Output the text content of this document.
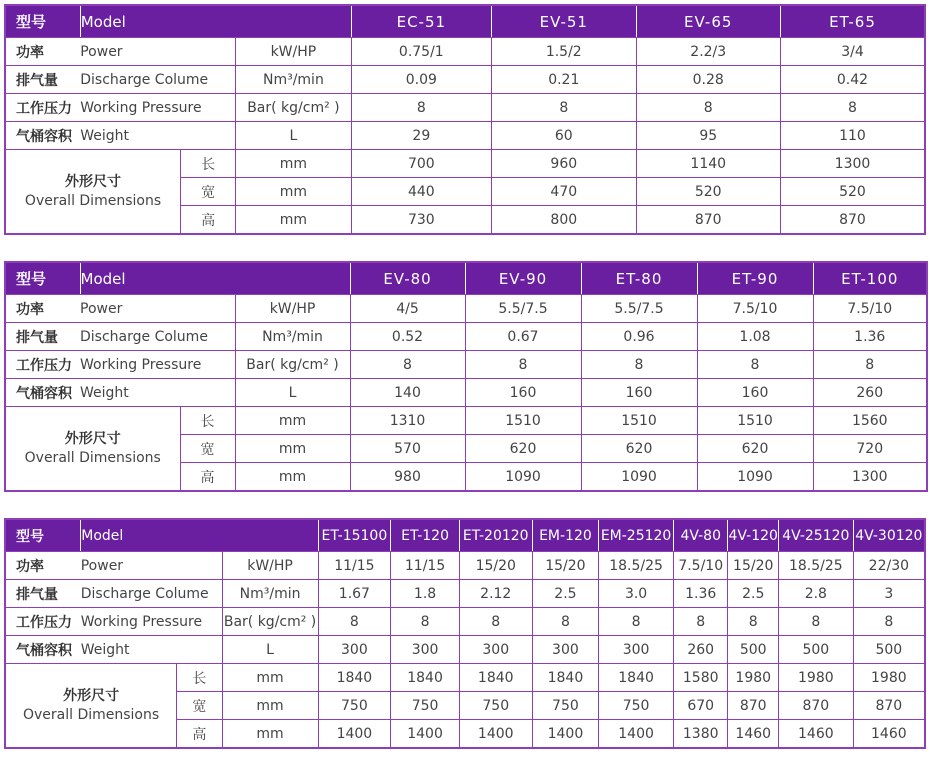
型号	Model			EC-51	EV-51	EV-65	ET-65
功率	Power		kW/HP	0.75/1	1.5/2	2.2/3	3/4
排气量	Discharge Colume		Nm³/min	0.09	0.21	0.28	0.42
工作压力	Working Pressure		Bar( kg/cm² )	8	8	8	8
气桶容积	Weight		L	29	60	95	110

外形尺寸
Overall Dimensions		长	mm	700	960	1140	1300
		宽	mm	440	470	520	520
		高	mm	730	800	870	870
型号	Model			EV-80	EV-90	ET-80	ET-90	ET-100
功率	Power		kW/HP	4/5	5.5/7.5	5.5/7.5	7.5/10	7.5/10
排气量	Discharge Colume		Nm³/min	0.52	0.67	0.96	1.08	1.36
工作压力	Working Pressure		Bar( kg/cm² )	8	8	8	8	8
气桶容积	Weight		L	140	160	160	160	260

外形尺寸
Overall Dimensions		长	mm	1310	1510	1510	1510	1560
		宽	mm	570	620	620	620	720
		高	mm	980	1090	1090	1090	1300
型号	Model			ET-15100	ET-120	ET-20120	EM-120	EM-25120	4V-80	4V-120	4V-25120	4V-30120
功率	Power		kW/HP	11/15	11/15	15/20	15/20	18.5/25	7.5/10	15/20	18.5/25	22/30
排气量	Discharge Colume		Nm³/min	1.67	1.8	2.12	2.5	3.0	1.36	2.5	2.8	3
工作压力	Working Pressure		Bar( kg/cm² )	8	8	8	8	8	8	8	8	8
气桶容积	Weight		L	300	300	300	300	300	260	500	500	500

外形尺寸
Overall Dimensions		长	mm	1840	1840	1840	1840	1840	1580	1980	1980	1980
		宽	mm	750	750	750	750	750	670	870	870	870
		高	mm	1400	1400	1400	1400	1400	1380	1460	1460	1460
